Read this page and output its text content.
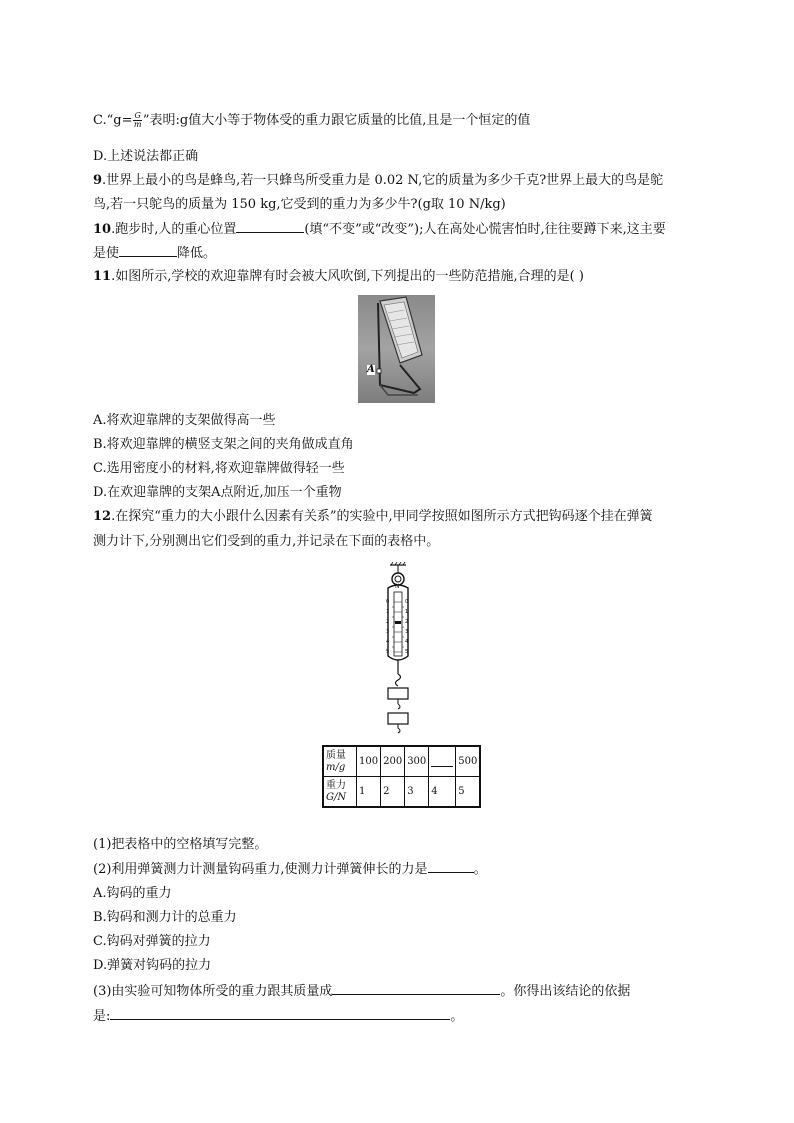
C.“g= $\frac{G}{m}$ ”表明:g值大小等于物体受的重力跟它质量的比值,且是一个恒定的值
D.上述说法都正确
9.世界上最小的鸟是蜂鸟,若一只蜂鸟所受重力是 0.02 N,它的质量为多少千克?世界上最大的鸟是鸵
鸟,若一只鸵鸟的质量为 150 kg,它受到的重力为多少牛?(g取 10 N/kg)
10.跑步时,人的重心位置	(填“不变”或“改变”);人在高处心慌害怕时,往往要蹲下来,这主要
是使	降低。
11.如图所示,学校的欢迎靠牌有时会被大风吹倒,下列提出的一些防范措施,合理的是( )
A
A.将欢迎靠牌的支架做得高一些
B.将欢迎靠牌的横竖支架之间的夹角做成直角
C.选用密度小的材料,将欢迎靠牌做得轻一些
D.在欢迎靠牌的支架A点附近,加压一个重物
12.在探究“重力的大小跟什么因素有关系”的实验中,甲同学按照如图所示方式把钩码逐个挂在弹簧
测力计下,分别测出它们受到的重力,并记录在下面的表格中。
N
0
1
2
3
4
5
0
1
2
3
4
5
质量
m/g	100	200	300		500

重力
G/N	1	2	3	4	5
(1)把表格中的空格填写完整。
(2)利用弹簧测力计测量钩码重力,使测力计弹簧伸长的力是	。
A.钩码的重力
B.钩码和测力计的总重力
C.钩码对弹簧的拉力
D.弹簧对钩码的拉力
(3)由实验可知物体所受的重力跟其质量成	。你得出该结论的依据
是:	。
